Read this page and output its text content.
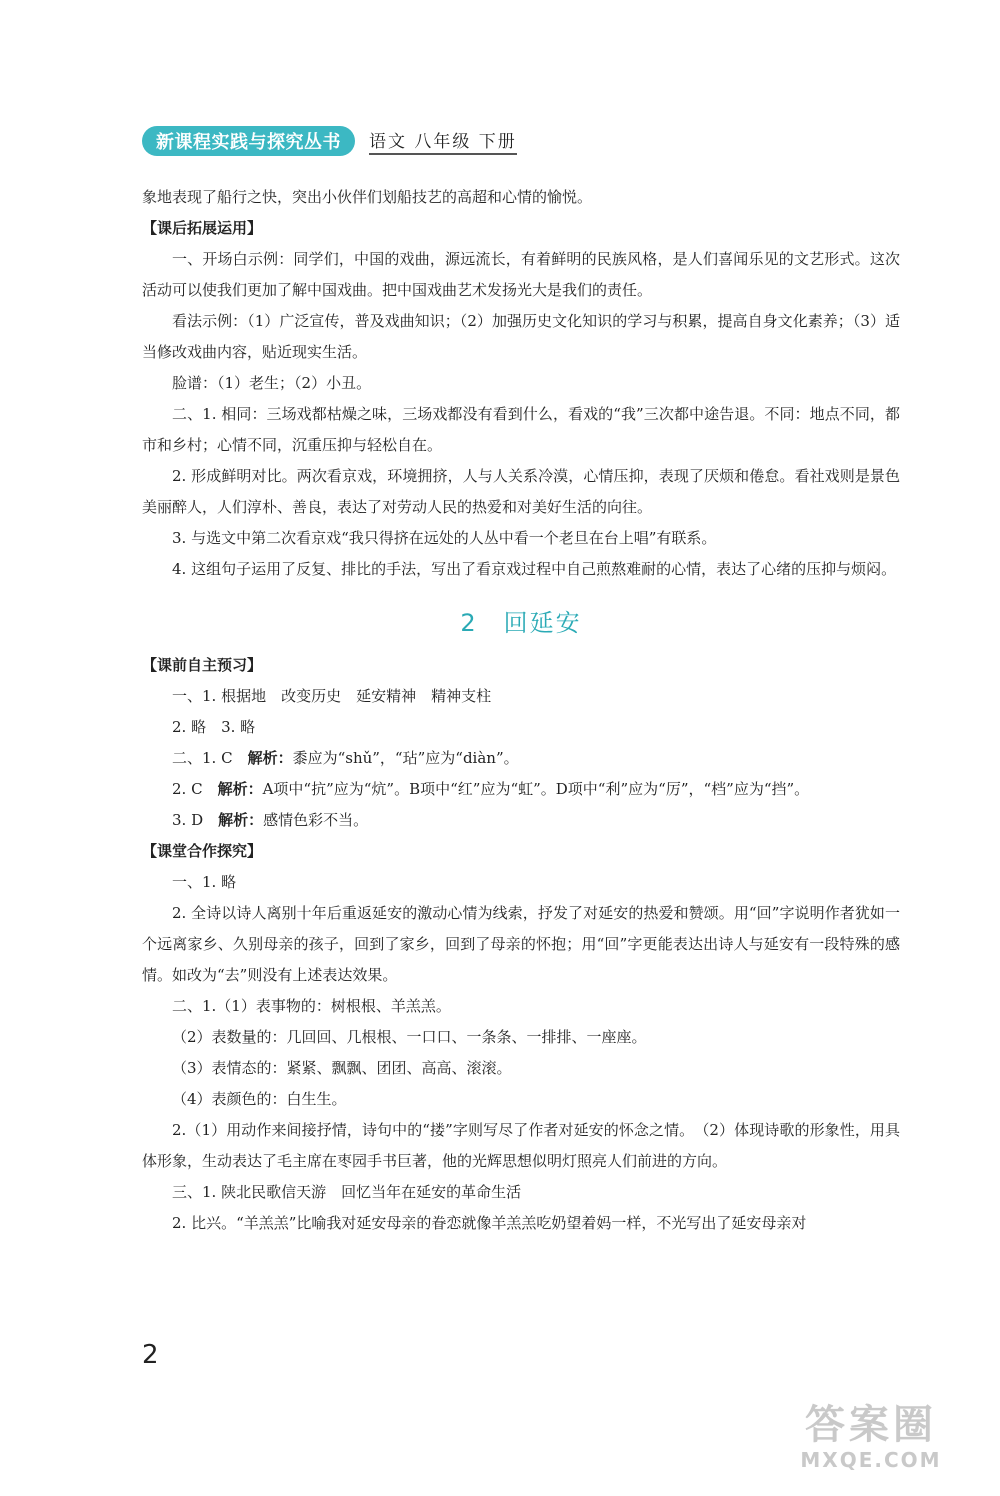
新课程实践与探究丛书	语文 八年级 下册

象地表现了船行之快，突出小伙伴们划船技艺的高超和心情的愉悦。

【课后拓展运用】

一、开场白示例：同学们，中国的戏曲，源远流长，有着鲜明的民族风格，是人们喜闻乐见的文艺形式。这次活动可以使我们更加了解中国戏曲。把中国戏曲艺术发扬光大是我们的责任。

看法示例：（1）广泛宣传，普及戏曲知识；（2）加强历史文化知识的学习与积累，提高自身文化素养；（3）适当修改戏曲内容，贴近现实生活。

脸谱：（1）老生；（2）小丑。

二、1. 相同：三场戏都枯燥之味，三场戏都没有看到什么，看戏的“我”三次都中途告退。不同：地点不同，都市和乡村；心情不同，沉重压抑与轻松自在。

2. 形成鲜明对比。两次看京戏，环境拥挤，人与人关系冷漠，心情压抑，表现了厌烦和倦怠。看社戏则是景色美丽醉人，人们淳朴、善良，表达了对劳动人民的热爱和对美好生活的向往。

3. 与选文中第二次看京戏“我只得挤在远处的人丛中看一个老旦在台上唱”有联系。

4. 这组句子运用了反复、排比的手法，写出了看京戏过程中自己煎熬难耐的心情，表达了心绪的压抑与烦闷。

2 回延安

【课前自主预习】

一、1. 根据地　改变历史　延安精神　精神支柱

2. 略　3. 略

二、1. C　解析：黍应为“shǔ”，“玷”应为“diàn”。

2. C　解析：A项中“抗”应为“炕”。B项中“红”应为“虹”。D项中“利”应为“厉”，“档”应为“挡”。

3. D　解析：感情色彩不当。

【课堂合作探究】

一、1. 略

2. 全诗以诗人离别十年后重返延安的激动心情为线索，抒发了对延安的热爱和赞颂。用“回”字说明作者犹如一个远离家乡、久别母亲的孩子，回到了家乡，回到了母亲的怀抱；用“回”字更能表达出诗人与延安有一段特殊的感情。如改为“去”则没有上述表达效果。

二、1.（1）表事物的：树根根、羊羔羔。

（2）表数量的：几回回、几根根、一口口、一条条、一排排、一座座。

（3）表情态的：紧紧、飘飘、团团、高高、滚滚。

（4）表颜色的：白生生。

2.（1）用动作来间接抒情，诗句中的“搂”字则写尽了作者对延安的怀念之情。　（2）体现诗歌的形象性，用具体形象，生动表达了毛主席在枣园手书巨著，他的光辉思想似明灯照亮人们前进的方向。

三、1. 陕北民歌信天游　回忆当年在延安的革命生活

2. 比兴。“羊羔羔”比喻我对延安母亲的眷恋就像羊羔羔吃奶望着妈一样，不光写出了延安母亲对

2
答案圈
MXQE.COM
